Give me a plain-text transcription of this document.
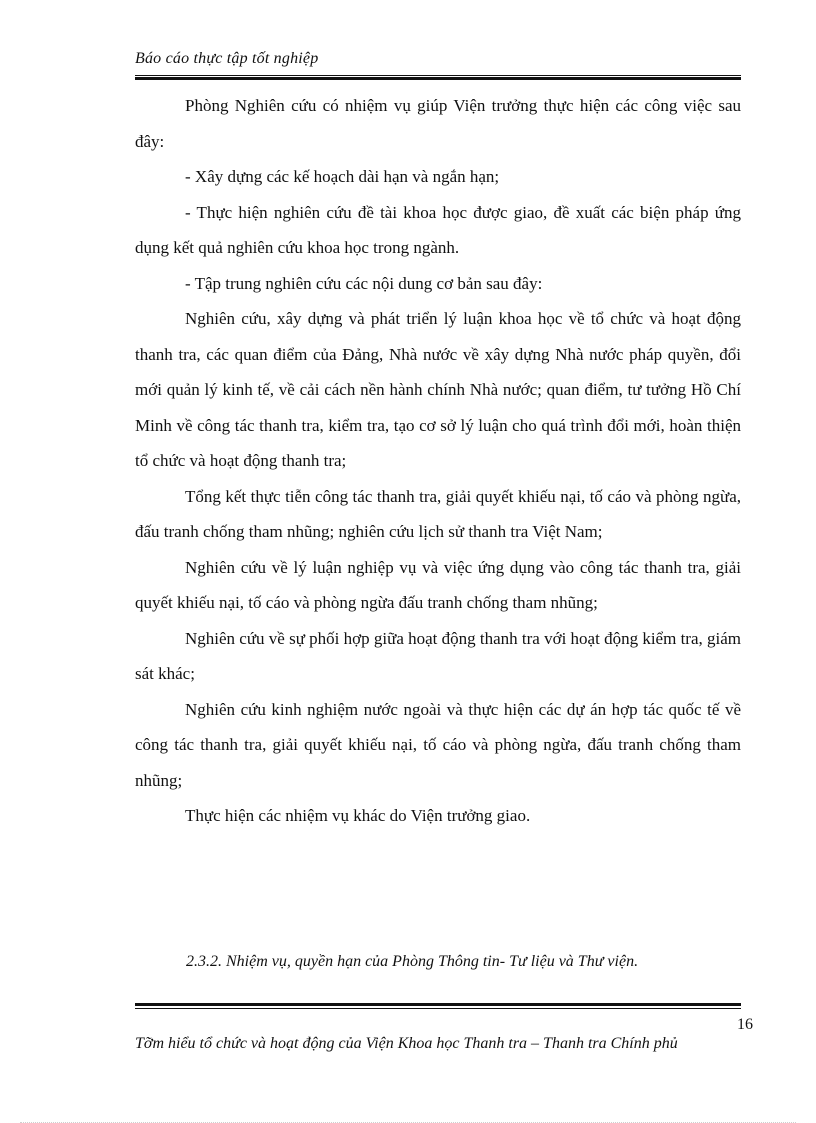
Báo cáo thực tập tốt nghiệp

Phòng Nghiên cứu có nhiệm vụ giúp Viện trưởng thực hiện các công việc sau đây:

- Xây dựng các kế hoạch dài hạn và ngắn hạn;

- Thực hiện nghiên cứu đề tài khoa học được giao, đề xuất các biện pháp ứng dụng kết quả nghiên cứu khoa học trong ngành.

- Tập trung nghiên cứu các nội dung cơ bản sau đây:

Nghiên cứu, xây dựng và phát triển lý luận khoa học về tổ chức và hoạt động thanh tra, các quan điểm của Đảng, Nhà nước về xây dựng Nhà nước pháp quyền, đổi mới quản lý kinh tế, về cải cách nền hành chính Nhà nước; quan điểm, tư tưởng Hồ Chí Minh về công tác thanh tra, kiểm tra, tạo cơ sở lý luận cho quá trình đổi mới, hoàn thiện tổ chức và hoạt động thanh tra;

Tổng kết thực tiễn công tác thanh tra, giải quyết khiếu nại, tố cáo và phòng ngừa, đấu tranh chống tham nhũng; nghiên cứu lịch sử thanh tra Việt Nam;

Nghiên cứu về lý luận nghiệp vụ và việc ứng dụng vào công tác thanh tra, giải quyết khiếu nại, tố cáo và phòng ngừa đấu tranh chống tham nhũng;

Nghiên cứu về sự phối hợp giữa hoạt động thanh tra với hoạt động kiểm tra, giám sát khác;

Nghiên cứu kinh nghiệm nước ngoài và thực hiện các dự án hợp tác quốc tế về công tác thanh tra, giải quyết khiếu nại, tố cáo và phòng ngừa, đấu tranh chống tham nhũng;

Thực hiện các nhiệm vụ khác do Viện trưởng giao.

2.3.2. Nhiệm vụ, quyền hạn của Phòng Thông tin- Tư liệu và Thư viện.
16
Tỡm hiểu tổ chức và hoạt động của Viện Khoa học Thanh tra – Thanh tra Chính phủ
